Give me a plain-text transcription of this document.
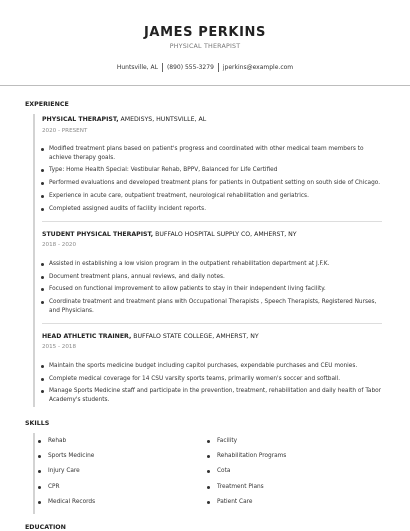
JAMES PERKINS
PHYSICAL THERAPIST
Huntsville, AL (890) 555-3279 jperkins@example.com
EXPERIENCE
PHYSICAL THERAPIST, AMEDISYS, HUNTSVILLE, AL
2020 - PRESENT
Modified treatment plans based on patient's progress and coordinated with other medical team members to achieve therapy goals.
Type: Home Health Special: Vestibular Rehab, BPPV, Balanced for Life Certified
Performed evaluations and developed treatment plans for patients in Outpatient setting on south side of Chicago.
Experience in acute care, outpatient treatment, neurological rehabilitation and geriatrics.
Completed assigned audits of facility incident reports.
STUDENT PHYSICAL THERAPIST, BUFFALO HOSPITAL SUPPLY CO, AMHERST, NY
2018 - 2020
Assisted in establishing a low vision program in the outpatient rehabilitation department at J.F.K.
Document treatment plans, annual reviews, and daily notes.
Focused on functional improvement to allow patients to stay in their independent living facility.
Coordinate treatment and treatment plans with Occupational Therapists , Speech Therapists, Registered Nurses, and Physicians.
HEAD ATHLETIC TRAINER, BUFFALO STATE COLLEGE, AMHERST, NY
2015 - 2018
Maintain the sports medicine budget including capitol purchases, expendable purchases and CEU monies.
Complete medical coverage for 14 CSU varsity sports teams, primarily women's soccer and softball.
Manage Sports Medicine staff and participate in the prevention, treatment, rehabilitation and daily health of Tabor Academy's students.
SKILLS
Rehab
Sports Medicine
Injury Care
CPR
Medical Records
Facility
Rehabilitation Programs
Cota
Treatment Plans
Patient Care
EDUCATION
